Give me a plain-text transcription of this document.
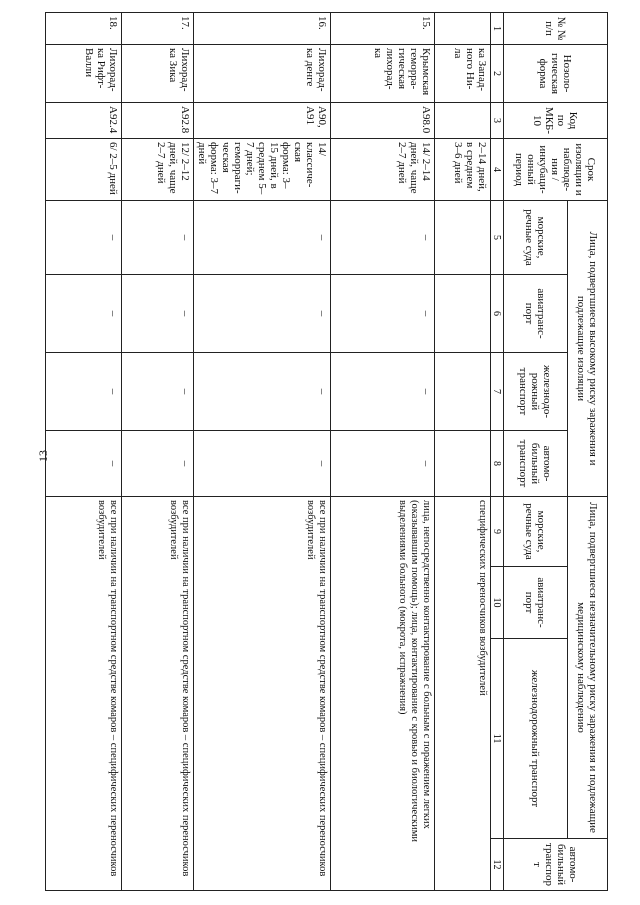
13
№ № п/п	Нозоло-гическая форма	Код по МКБ-10	Срок изоляции и наблюде-ния / инкубаци-онный период	Лица, подвергшиеся высокому риску заражения и подлежащие изоляции				Лица, подвергшиеся незначительному риску заражения и подлежащие медицинскому наблюдению			автомо-бильный транспорт
				морские, речные суда	авиатранс-порт	железнодо-рожный транспорт	автомо-бильный транспорт	морские, речные суда	авиатранс-порт	железнодорожный транспорт	
1	2	3	4	5	6	7	8	9	10	11	12
	ка Запад-ного Ни-ла		2–14 дней, в среднем 3–6 дней					специфических переносчиков возбудителей			
15.	Крымская геморра-гическая лихорад-ка	A98.0	14/ 2–14 дней, чаще 2–7 дней	–	–	–	–	лица, непосредственно контактирование с больным с поражением легких (оказывавшим помощь); лица, контактирование с кровью и биологическими выделениями больного (мокрота, испражнения)			
16.	Лихорад-ка денге	A90, A91	14/ классиче-ская форма: 3–15 дней, в среднем 5–7 дней; геморраги-ческая форма: 3–7 дней	–	–	–	–	все при наличии на транспортном средстве комаров – специфических переносчиков возбудителей			
17.	Лихорад-ка Зика	A92.8	12/ 2–12 дней, чаще 2–7 дней	–	–	–	–	все при наличии на транспортном средстве комаров – специфических переносчиков возбудителей			
18.	Лихорад-ка Рифт-Валли	A92.4	6/ 2–5 дней	–	–	–	–	все при наличии на транспортном средстве комаров – специфических переносчиков возбудителей			
